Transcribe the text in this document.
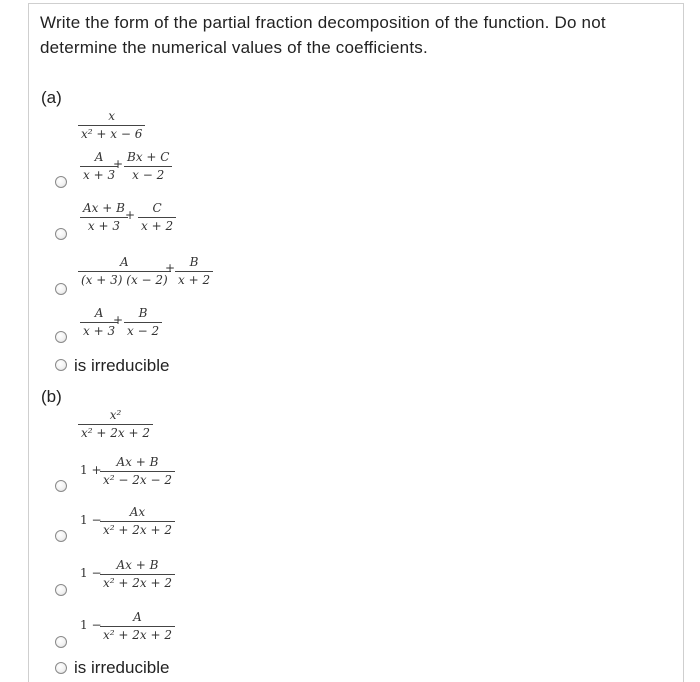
Write the form of the partial fraction decomposition of the function. Do not determine the numerical values of the coefficients.
(a)
x
x² + x − 6
A
x + 3
+ Bx + C
x − 2
Ax + B
x + 3
+ C
x + 2
A
(x + 3) (x − 2)
+ B
x + 2
A
x + 3
+ B
x − 2
is irreducible
(b)
x²
x² + 2x + 2
1 +
Ax + B
x² − 2x − 2
1 −
Ax
x² + 2x + 2
1 −
Ax + B
x² + 2x + 2
1 −
A
x² + 2x + 2
is irreducible
